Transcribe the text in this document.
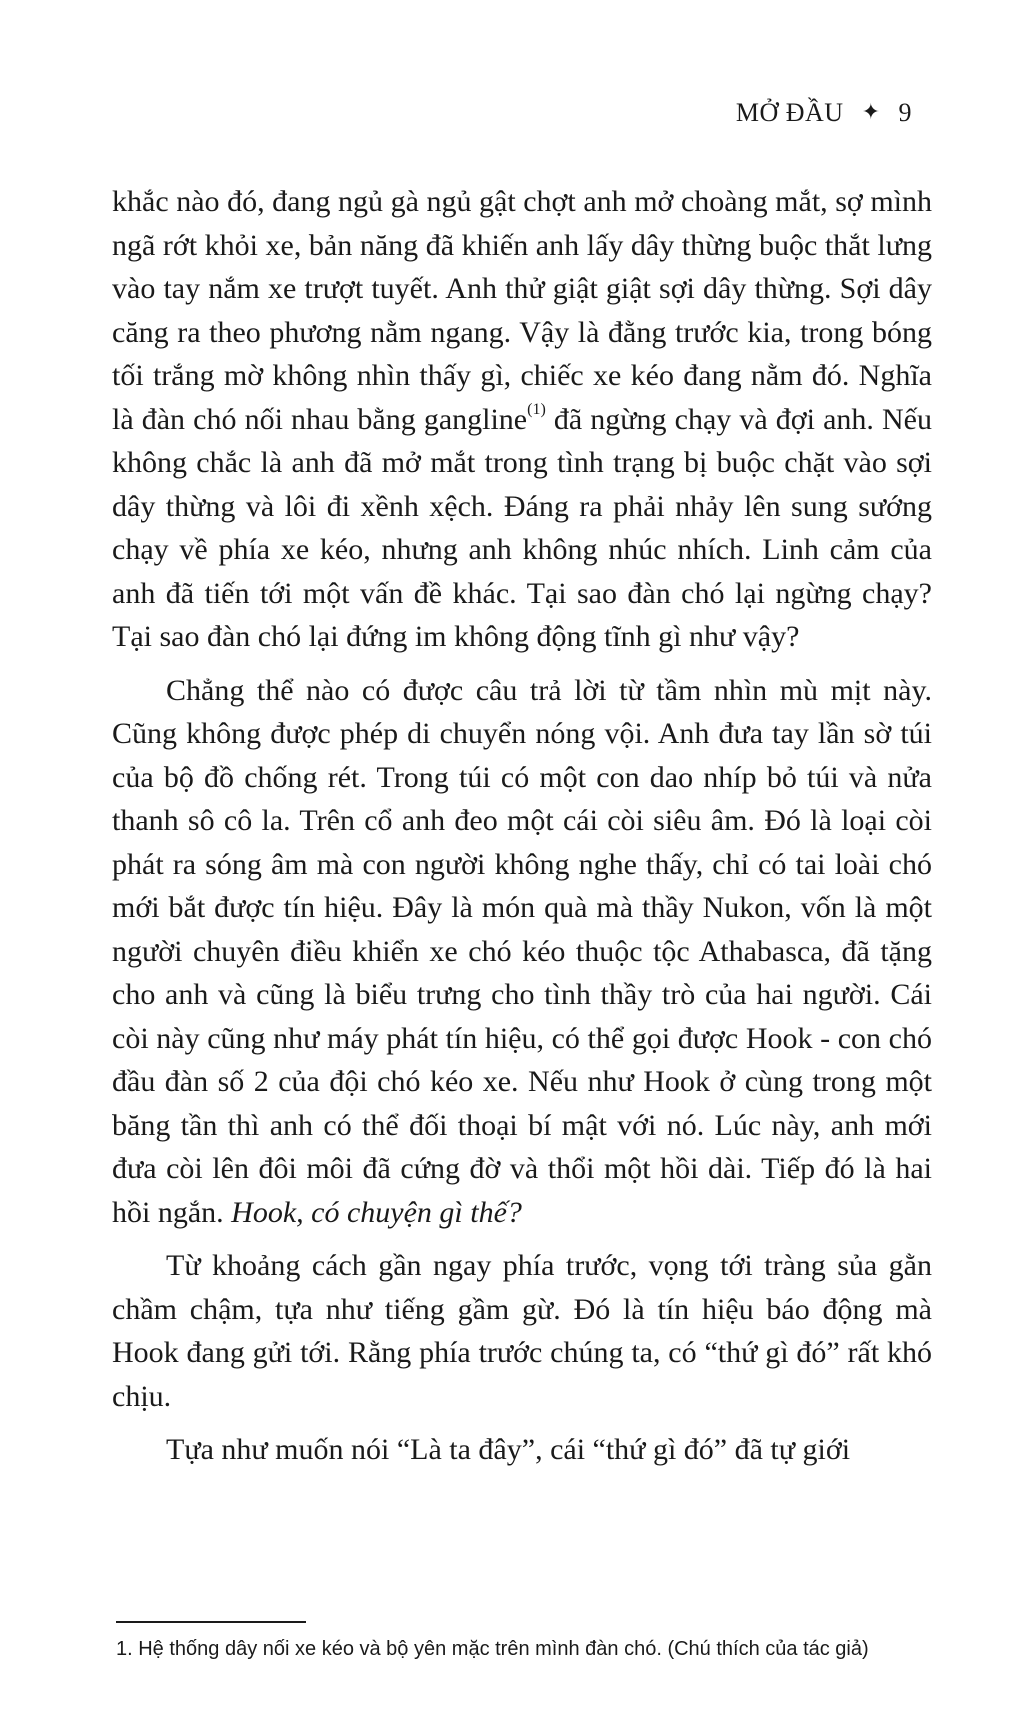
MỞ ĐẦU ✦ 9

khắc nào đó, đang ngủ gà ngủ gật chợt anh mở choàng mắt, sợ mình ngã rớt khỏi xe, bản năng đã khiến anh lấy dây thừng buộc thắt lưng vào tay nắm xe trượt tuyết. Anh thử giật giật sợi dây thừng. Sợi dây căng ra theo phương nằm ngang. Vậy là đằng trước kia, trong bóng tối trắng mờ không nhìn thấy gì, chiếc xe kéo đang nằm đó. Nghĩa là đàn chó nối nhau bằng gangline$^{(1)}$ đã ngừng chạy và đợi anh. Nếu không chắc là anh đã mở mắt trong tình trạng bị buộc chặt vào sợi dây thừng và lôi đi xềnh xệch. Đáng ra phải nhảy lên sung sướng chạy về phía xe kéo, nhưng anh không nhúc nhích. Linh cảm của anh đã tiến tới một vấn đề khác. Tại sao đàn chó lại ngừng chạy? Tại sao đàn chó lại đứng im không động tĩnh gì như vậy?

Chẳng thể nào có được câu trả lời từ tầm nhìn mù mịt này. Cũng không được phép di chuyển nóng vội. Anh đưa tay lần sờ túi của bộ đồ chống rét. Trong túi có một con dao nhíp bỏ túi và nửa thanh sô cô la. Trên cổ anh đeo một cái còi siêu âm. Đó là loại còi phát ra sóng âm mà con người không nghe thấy, chỉ có tai loài chó mới bắt được tín hiệu. Đây là món quà mà thầy Nukon, vốn là một người chuyên điều khiển xe chó kéo thuộc tộc Athabasca, đã tặng cho anh và cũng là biểu trưng cho tình thầy trò của hai người. Cái còi này cũng như máy phát tín hiệu, có thể gọi được Hook - con chó đầu đàn số 2 của đội chó kéo xe. Nếu như Hook ở cùng trong một băng tần thì anh có thể đối thoại bí mật với nó. Lúc này, anh mới đưa còi lên đôi môi đã cứng đờ và thổi một hồi dài. Tiếp đó là hai hồi ngắn. Hook, có chuyện gì thế?

Từ khoảng cách gần ngay phía trước, vọng tới tràng sủa gằn chầm chậm, tựa như tiếng gầm gừ. Đó là tín hiệu báo động mà Hook đang gửi tới. Rằng phía trước chúng ta, có “thứ gì đó” rất khó chịu.

Tựa như muốn nói “Là ta đây”, cái “thứ gì đó” đã tự giới

1. Hệ thống dây nối xe kéo và bộ yên mặc trên mình đàn chó. (Chú thích của tác giả)
